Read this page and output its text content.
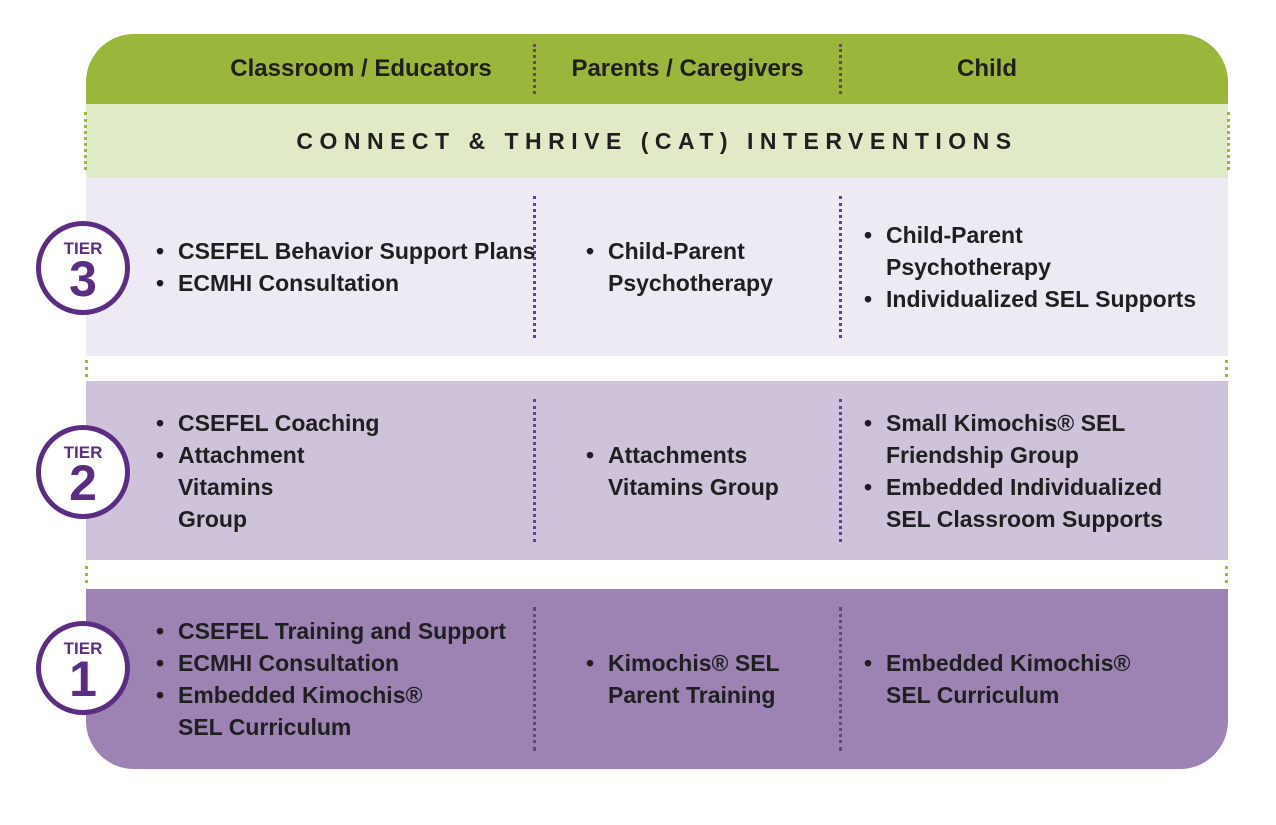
Classroom / Educators	Parents / Caregivers	Child
CONNECT & THRIVE (CAT) INTERVENTIONS
• CSEFEL Behavior Support Plans
• ECMHI Consultation
• Child-Parent Psychotherapy
• Child-Parent Psychotherapy
• Individualized SEL Supports
• CSEFEL Coaching
• Attachment Vitamins Group
• Attachments Vitamins Group
• Small Kimochis® SEL Friendship Group
• Embedded Individualized SEL Classroom Supports
• CSEFEL Training and Support
• ECMHI Consultation
• Embedded Kimochis® SEL Curriculum
• Kimochis® SEL Parent Training
• Embedded Kimochis® SEL Curriculum
TIER
3
TIER
2
TIER
1
